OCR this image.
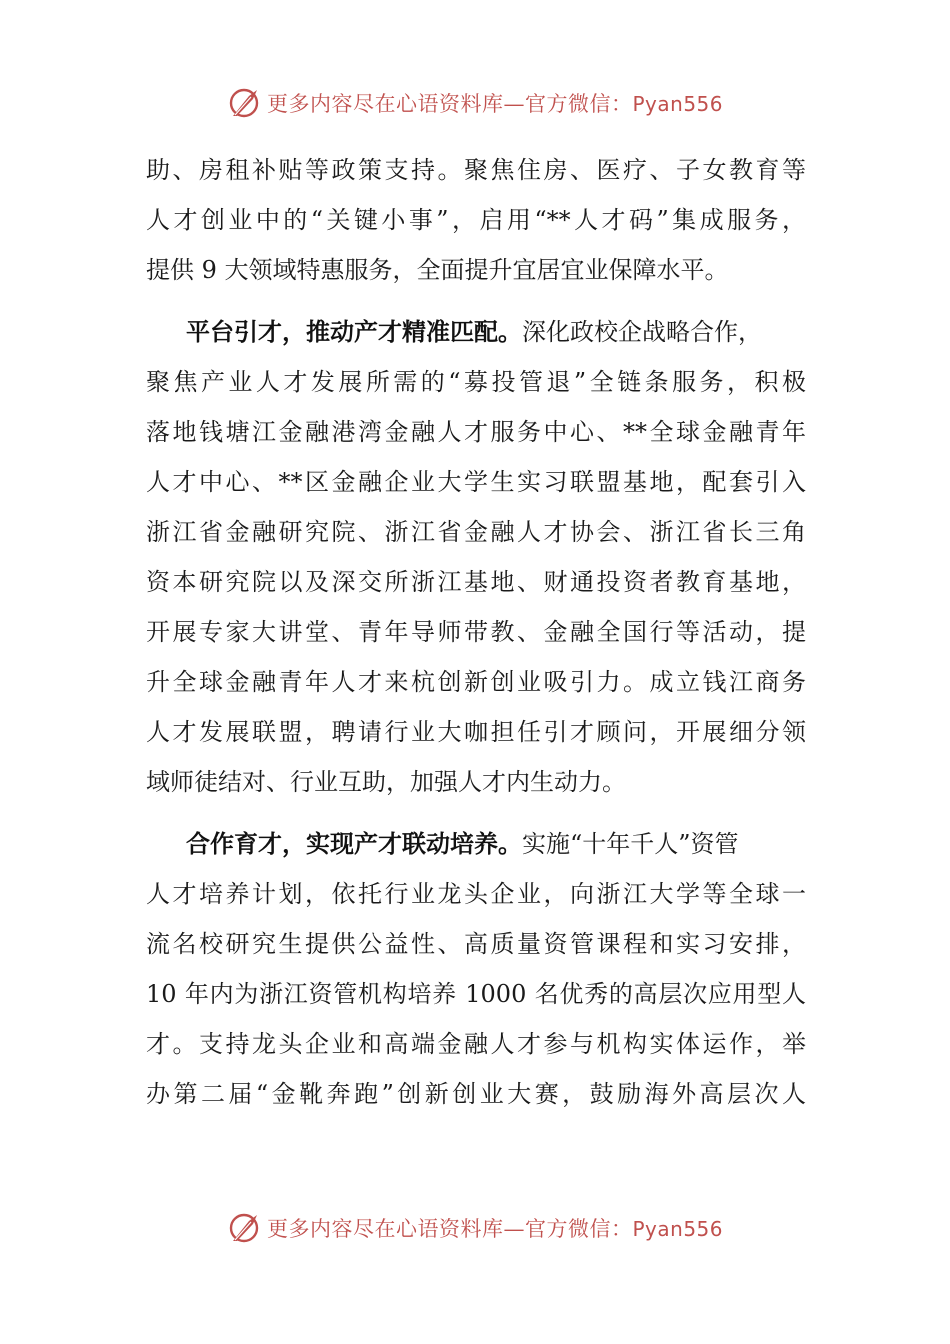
更多内容尽在心语资料库—官方微信：Pyan556
助、房租补贴等政策支持。聚焦住房、医疗、子女教育等
人才创业中的“关键小事”，启用“**人才码”集成服务，
提供 9 大领域特惠服务，全面提升宜居宜业保障水平。
平台引才，推动产才精准匹配。深化政校企战略合作，
聚焦产业人才发展所需的“募投管退”全链条服务，积极
落地钱塘江金融港湾金融人才服务中心、**全球金融青年
人才中心、**区金融企业大学生实习联盟基地，配套引入
浙江省金融研究院、浙江省金融人才协会、浙江省长三角
资本研究院以及深交所浙江基地、财通投资者教育基地，
开展专家大讲堂、青年导师带教、金融全国行等活动，提
升全球金融青年人才来杭创新创业吸引力。成立钱江商务
人才发展联盟，聘请行业大咖担任引才顾问，开展细分领
域师徒结对、行业互助，加强人才内生动力。
合作育才，实现产才联动培养。实施“十年千人”资管
人才培养计划，依托行业龙头企业，向浙江大学等全球一
流名校研究生提供公益性、高质量资管课程和实习安排，
10 年内为浙江资管机构培养 1000 名优秀的高层次应用型人
才。支持龙头企业和高端金融人才参与机构实体运作，举
办第二届“金靴奔跑”创新创业大赛，鼓励海外高层次人
更多内容尽在心语资料库—官方微信：Pyan556
